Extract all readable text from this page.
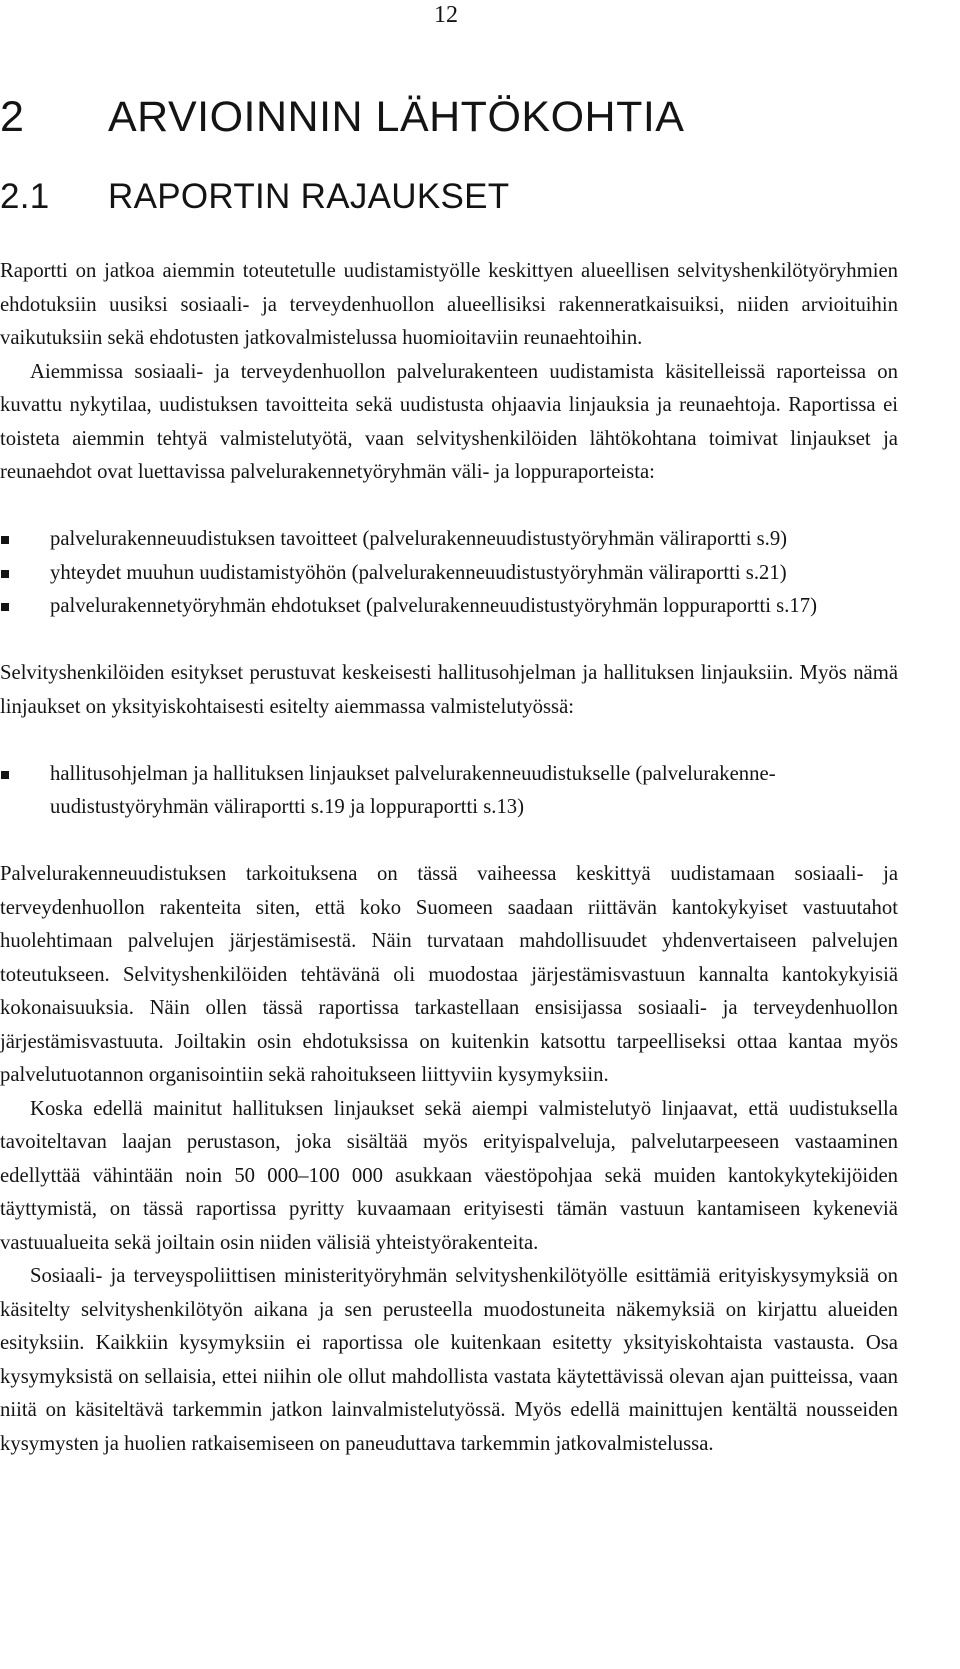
12
2 ARVIOINNIN LÄHTÖKOHTIA
2.1 RAPORTIN RAJAUKSET

Raportti on jatkoa aiemmin toteutetulle uudistamistyölle keskittyen alueellisen selvityshenkilötyöryhmien ehdotuksiin uusiksi sosiaali- ja terveydenhuollon alueellisiksi rakenneratkaisuiksi, niiden arvioituihin vaikutuksiin sekä ehdotusten jatkovalmistelussa huomioitaviin reunaehtoihin.

Aiemmissa sosiaali- ja terveydenhuollon palvelurakenteen uudistamista käsitelleissä raporteissa on kuvattu nykytilaa, uudistuksen tavoitteita sekä uudistusta ohjaavia linjauksia ja reunaehtoja. Raportissa ei toisteta aiemmin tehtyä valmistelutyötä, vaan selvityshenkilöiden lähtökohtana toimivat linjaukset ja reunaehdot ovat luettavissa palvelurakennetyöryhmän väli- ja loppuraporteista:

palvelurakenneuudistuksen tavoitteet (palvelurakenneuudistustyöryhmän väliraportti s.9)
yhteydet muuhun uudistamistyöhön (palvelurakenneuudistustyöryhmän väliraportti s.21)
palvelurakennetyöryhmän ehdotukset (palvelurakenneuudistustyöryhmän loppuraportti s.17)

Selvityshenkilöiden esitykset perustuvat keskeisesti hallitusohjelman ja hallituksen linjauksiin. Myös nämä linjaukset on yksityiskohtaisesti esitelty aiemmassa valmistelutyössä:

hallitusohjelman ja hallituksen linjaukset palvelurakenneuudistukselle (palvelurakenneuudistustyöryhmän väliraportti s.19 ja loppuraportti s.13)

Palvelurakenneuudistuksen tarkoituksena on tässä vaiheessa keskittyä uudistamaan sosiaali- ja terveydenhuollon rakenteita siten, että koko Suomeen saadaan riittävän kantokykyiset vastuutahot huolehtimaan palvelujen järjestämisestä. Näin turvataan mahdollisuudet yhdenvertaiseen palvelujen toteutukseen. Selvityshenkilöiden tehtävänä oli muodostaa järjestämisvastuun kannalta kantokykyisiä kokonaisuuksia. Näin ollen tässä raportissa tarkastellaan ensisijassa sosiaali- ja terveydenhuollon järjestämisvastuuta. Joiltakin osin ehdotuksissa on kuitenkin katsottu tarpeelliseksi ottaa kantaa myös palvelutuotannon organisointiin sekä rahoitukseen liittyviin kysymyksiin.

Koska edellä mainitut hallituksen linjaukset sekä aiempi valmistelutyö linjaavat, että uudistuksella tavoiteltavan laajan perustason, joka sisältää myös erityispalveluja, palvelutarpeeseen vastaaminen edellyttää vähintään noin 50 000–100 000 asukkaan väestöpohjaa sekä muiden kantokykytekijöiden täyttymistä, on tässä raportissa pyritty kuvaamaan erityisesti tämän vastuun kantamiseen kykeneviä vastuualueita sekä joiltain osin niiden välisiä yhteistyörakenteita.

Sosiaali- ja terveyspoliittisen ministerityöryhmän selvityshenkilötyölle esittämiä erityiskysymyksiä on käsitelty selvityshenkilötyön aikana ja sen perusteella muodostuneita näkemyksiä on kirjattu alueiden esityksiin. Kaikkiin kysymyksiin ei raportissa ole kuitenkaan esitetty yksityiskohtaista vastausta. Osa kysymyksistä on sellaisia, ettei niihin ole ollut mahdollista vastata käytettävissä olevan ajan puitteissa, vaan niitä on käsiteltävä tarkemmin jatkon lainvalmistelutyössä. Myös edellä mainittujen kentältä nousseiden kysymysten ja huolien ratkaisemiseen on paneuduttava tarkemmin jatkovalmistelussa.
